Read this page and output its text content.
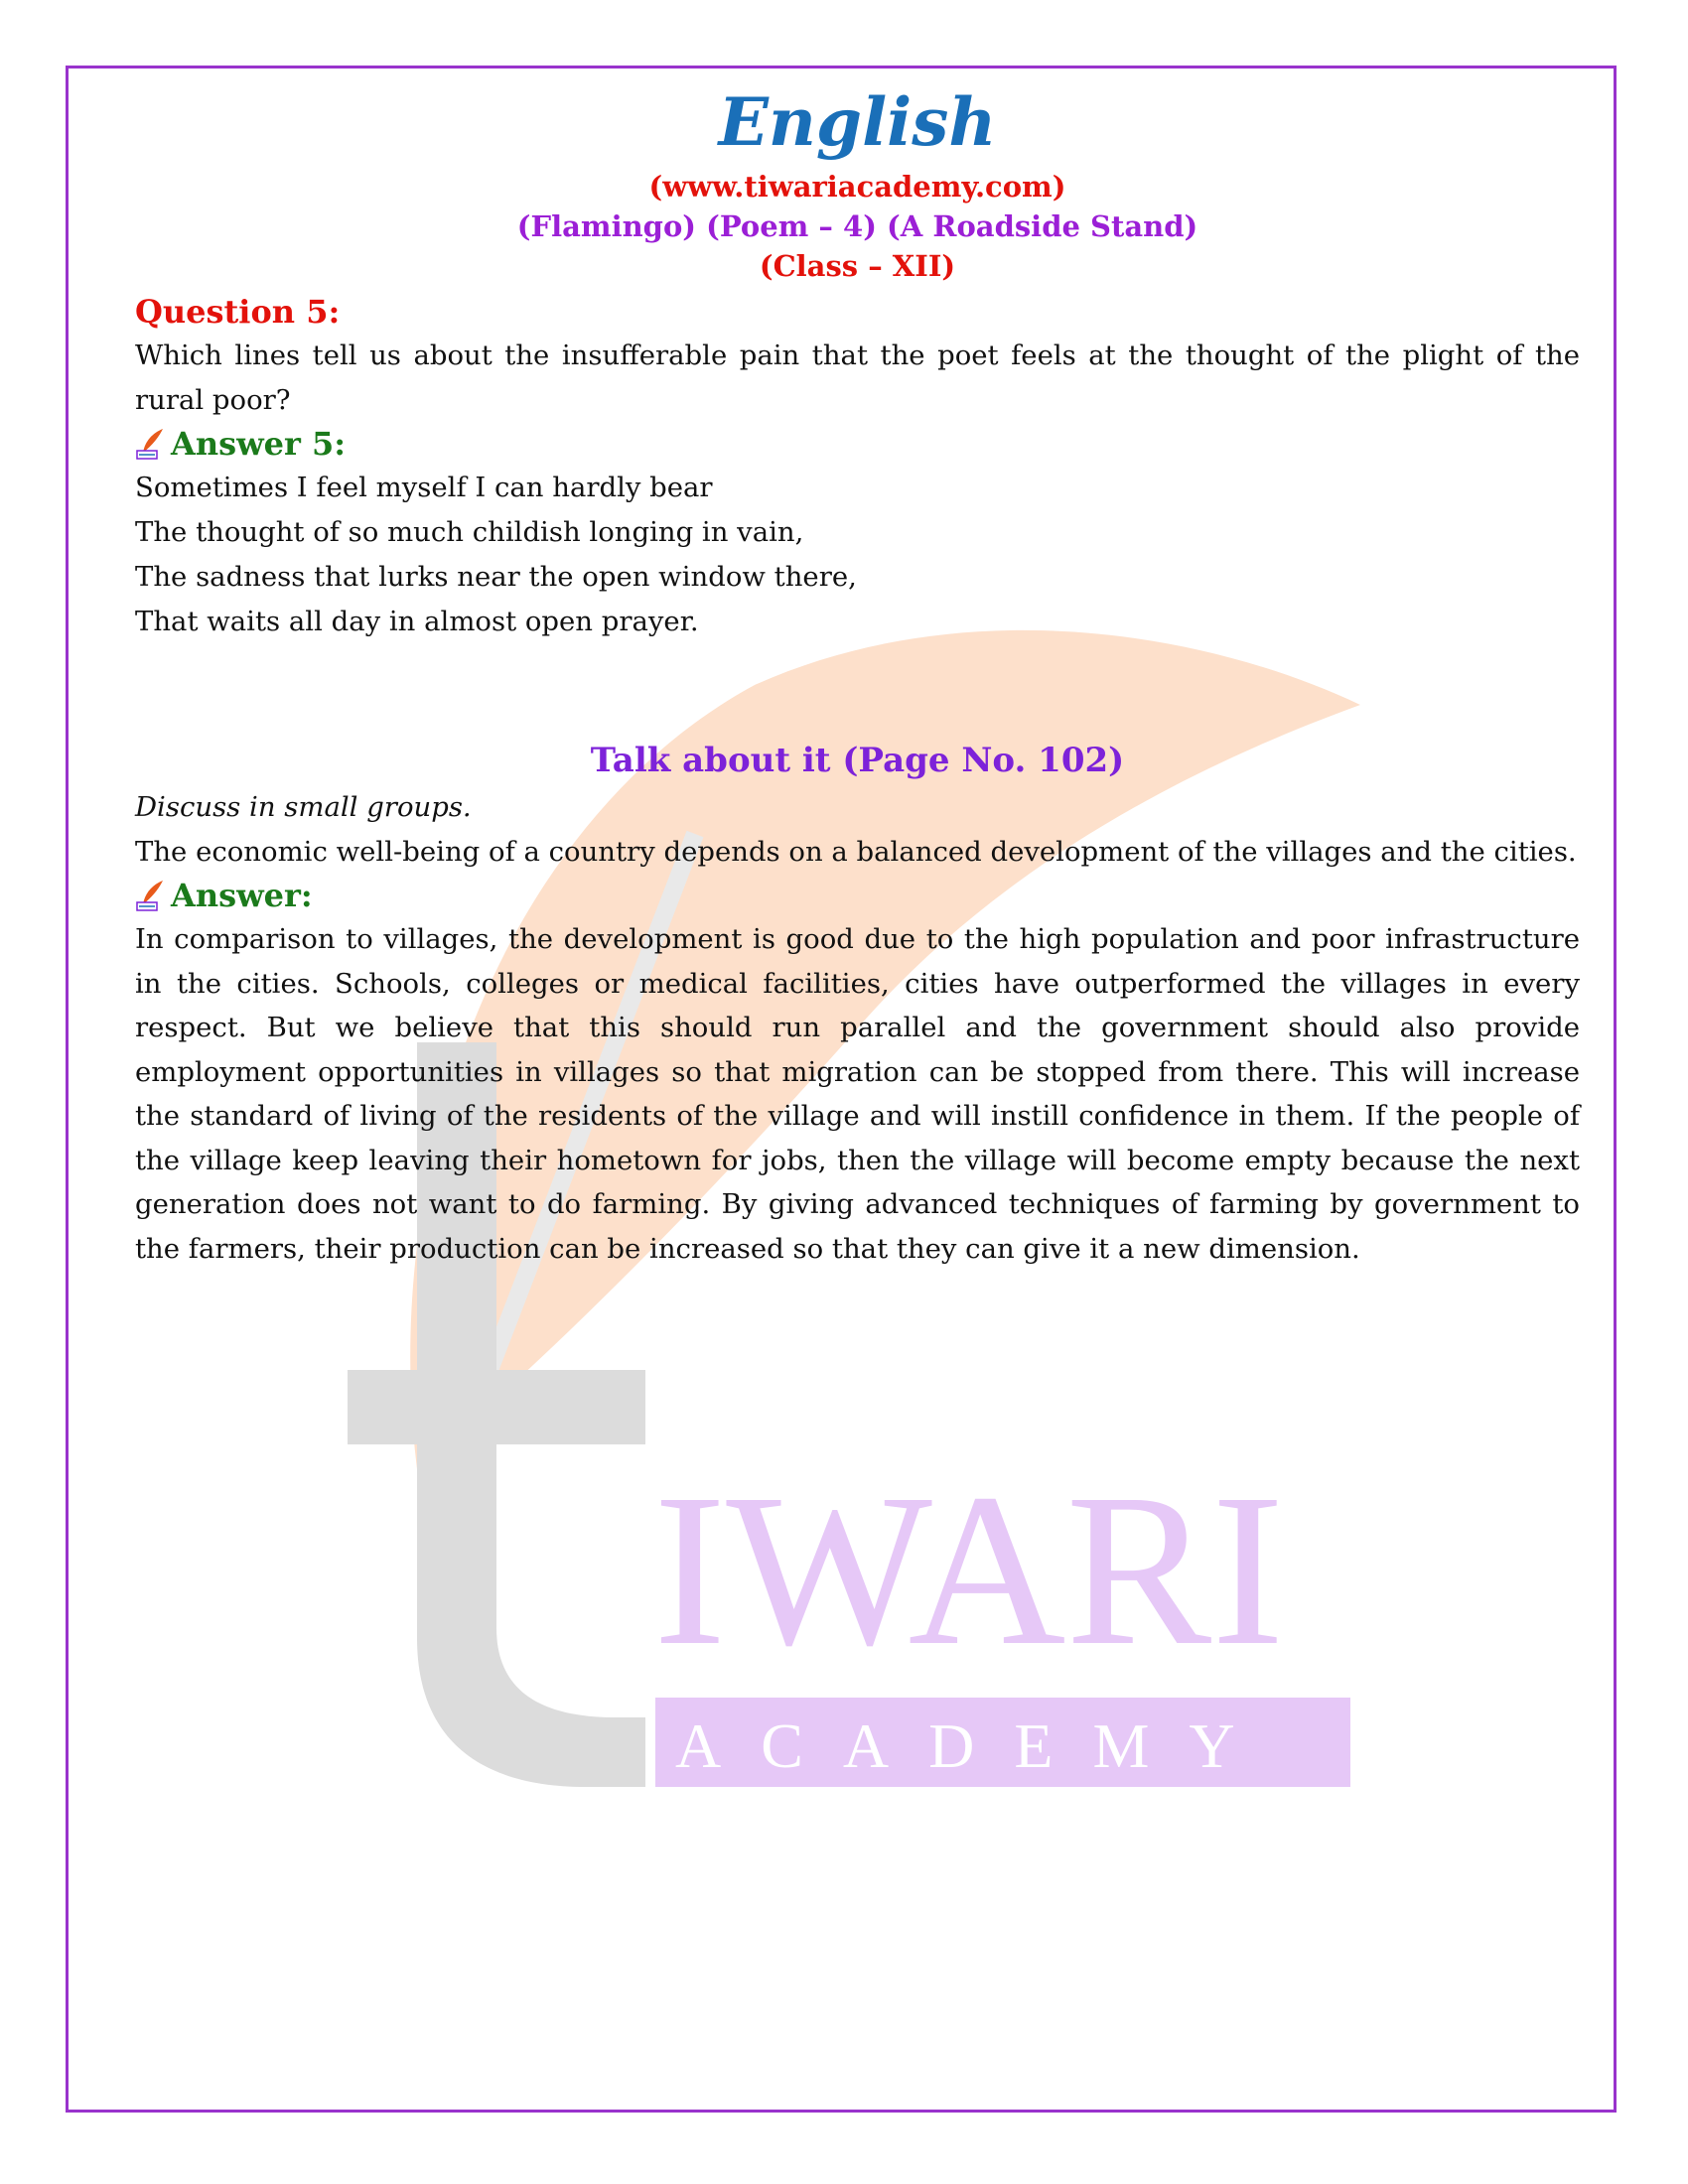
IWARI
ACADEMY
English

(www.tiwariacademy.com)

(Flamingo) (Poem – 4) (A Roadside Stand)

(Class – XII)

Question 5:

Which lines tell us about the insufferable pain that the poet feels at the thought of the plight of the rural poor?

Answer 5:

Sometimes I feel myself I can hardly bear

The thought of so much childish longing in vain,

The sadness that lurks near the open window there,

That waits all day in almost open prayer.

Talk about it (Page No. 102)

Discuss in small groups.

The economic well-being of a country depends on a balanced development of the villages and the cities.

Answer:

In comparison to villages, the development is good due to the high population and poor infrastructure in the cities. Schools, colleges or medical facilities, cities have outperformed the villages in every respect. But we believe that this should run parallel and the government should also provide employment opportunities in villages so that migration can be stopped from there. This will increase the standard of living of the residents of the village and will instill confidence in them. If the people of the village keep leaving their hometown for jobs, then the village will become empty because the next generation does not want to do farming. By giving advanced techniques of farming by government to the farmers, their production can be increased so that they can give it a new dimension.
